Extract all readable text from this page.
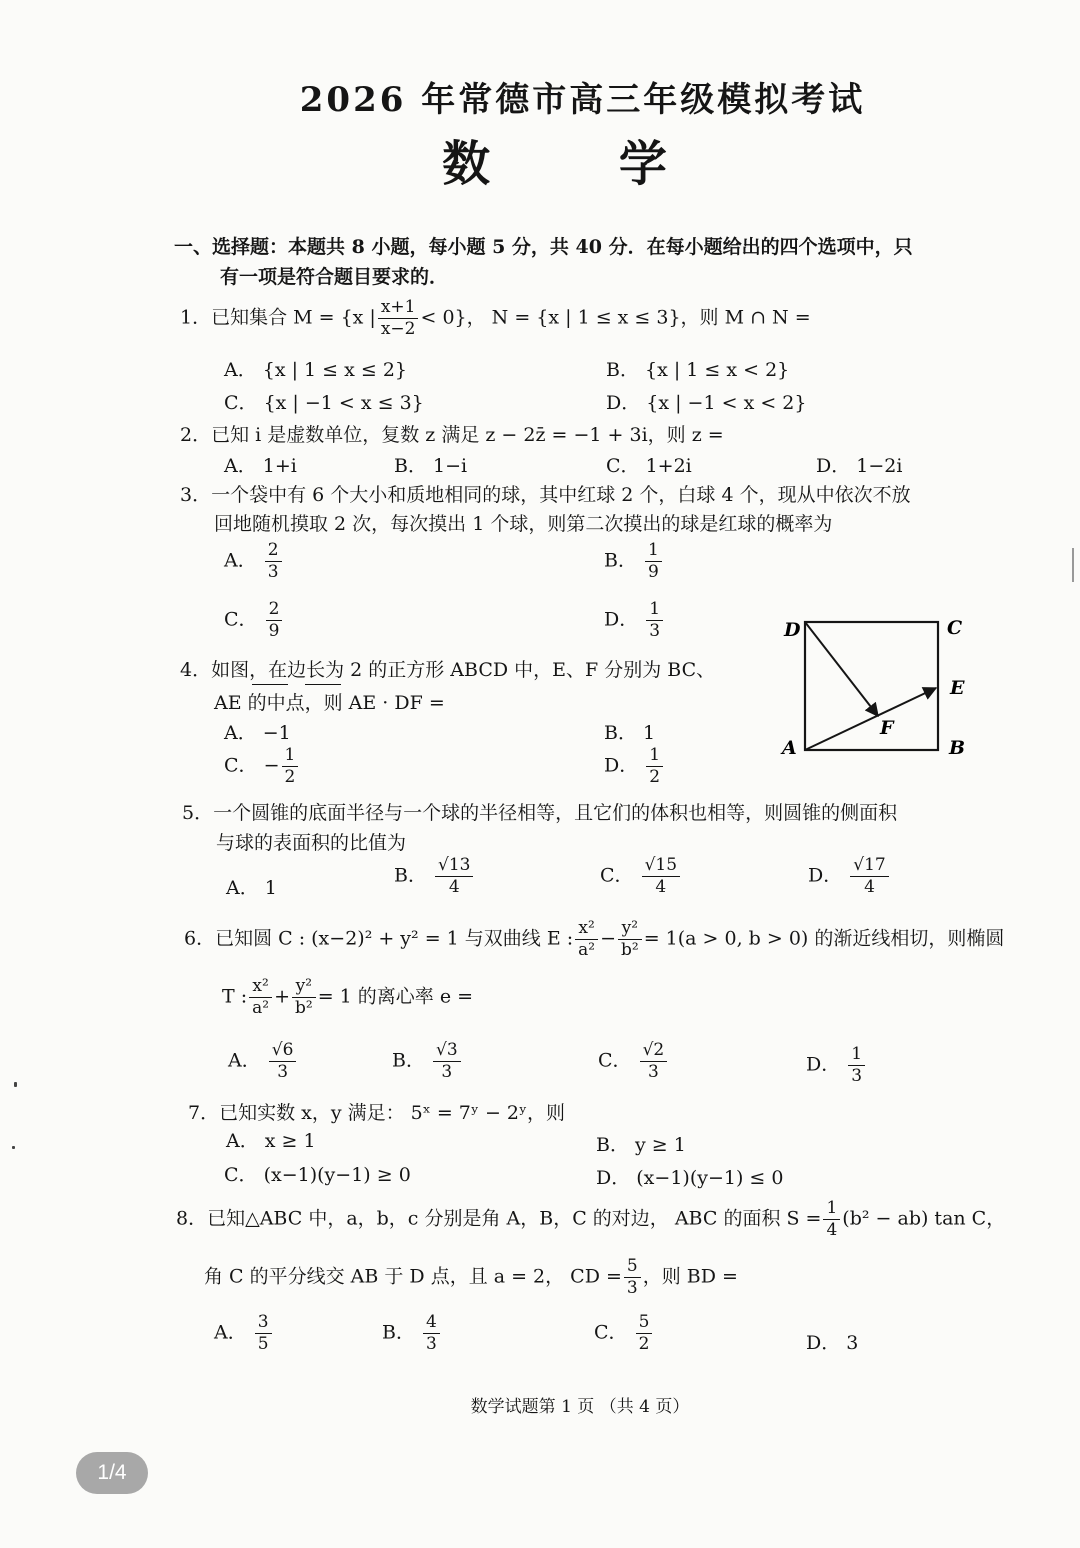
2026 年常德市高三年级模拟考试
数 学
一、选择题：本题共 8 小题，每小题 5 分，共 40 分．在每小题给出的四个选项中，只
有一项是符合题目要求的．
1．已知集合 M = {x | $\frac{x+1}{x-2} < 0$}， N = {x | 1 ≤ x ≤ 3}，则 M ∩ N =
A． {x | 1 ≤ x ≤ 2}	B． {x | 1 ≤ x < 2}
C． {x | −1 < x ≤ 3}	D． {x | −1 < x < 2}
2．已知 i 是虚数单位，复数 z 满足 z − 2z̄ = −1 + 3i，则 z =
A． 1+i	B． 1−i	C． 1+2i	D． 1−2i
3．一个袋中有 6 个大小和质地相同的球，其中红球 2 个，白球 4 个，现从中依次不放
回地随机摸取 2 次，每次摸出 1 个球，则第二次摸出的球是红球的概率为
A． $\frac{2}{3}$	B． $\frac{1}{9}$
C． $\frac{2}{9}$	D． $\frac{1}{3}$
4．如图，在边长为 2 的正方形 ABCD 中，E、F 分别为 BC、
AE 的中点，则 AE · DF =
A． −1	B． 1
C． − $\frac{1}{2}$	D． $\frac{1}{2}$
D	C
E
F
A	B
5．一个圆锥的底面半径与一个球的半径相等，且它们的体积也相等，则圆锥的侧面积
与球的表面积的比值为
A． 1
B． $\frac{√13}{4}$	C． $\frac{√15}{4}$	D． $\frac{√17}{4}$
6．已知圆 C : (x−2)² + y² = 1 与双曲线 E : $\frac{\text{x²}}{\text{a²}} - \frac{\text{y²}}{\text{b²}} = 1(a > 0$, b > 0) 的渐近线相切，则椭圆
T : $\frac{\text{x²}}{\text{a²}} + \frac{\text{y²}}{\text{b²}} = 1$ 的离心率 e =
A． $\frac{√6}{3}$	B． $\frac{√3}{3}$	C． $\frac{√2}{3}$	D． $\frac{1}{3}$
7．已知实数 x，y 满足： 5ˣ = 7ʸ − 2ʸ，则
A． x ≥ 1	B． y ≥ 1
C． (x−1)(y−1) ≥ 0	D． (x−1)(y−1) ≤ 0
8．已知△ABC 中，a，b，c 分别是角 A，B，C 的对边， ABC 的面积 $S = \frac{1}{4} (b^2 - ab)$ tan C，
角 C 的平分线交 AB 于 D 点，且 a = 2， CD = $\frac{5}{3}$ ，则 BD =
A． $\frac{3}{5}$	B． $\frac{4}{3}$	C． $\frac{5}{2}$	D． 3
数学试题第 1 页 （共 4 页）
1/4
